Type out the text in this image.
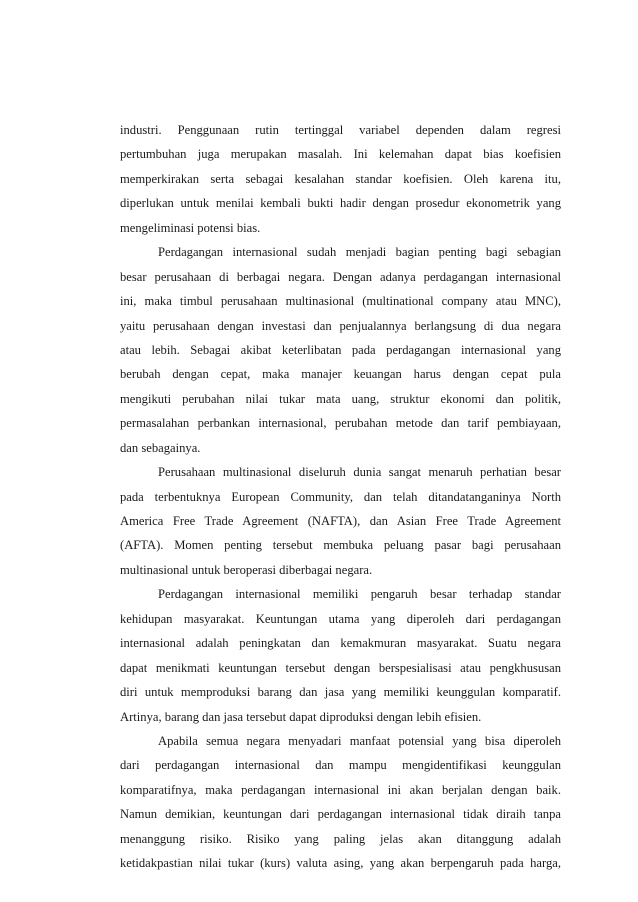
industri. Penggunaan rutin tertinggal variabel dependen dalam regresi
pertumbuhan juga merupakan masalah. Ini kelemahan dapat bias koefisien
memperkirakan serta sebagai kesalahan standar koefisien. Oleh karena itu,
diperlukan untuk menilai kembali bukti hadir dengan prosedur ekonometrik yang
mengeliminasi potensi bias.
Perdagangan internasional sudah menjadi bagian penting bagi sebagian
besar perusahaan di berbagai negara. Dengan adanya perdagangan internasional
ini, maka timbul perusahaan multinasional (multinational company atau MNC),
yaitu perusahaan dengan investasi dan penjualannya berlangsung di dua negara
atau lebih. Sebagai akibat keterlibatan pada perdagangan internasional yang
berubah dengan cepat, maka manajer keuangan harus dengan cepat pula
mengikuti perubahan nilai tukar mata uang, struktur ekonomi dan politik,
permasalahan perbankan internasional, perubahan metode dan tarif pembiayaan,
dan sebagainya.
Perusahaan multinasional diseluruh dunia sangat menaruh perhatian besar
pada terbentuknya European Community, dan telah ditandatanganinya North
America Free Trade Agreement (NAFTA), dan Asian Free Trade Agreement
(AFTA). Momen penting tersebut membuka peluang pasar bagi perusahaan
multinasional untuk beroperasi diberbagai negara.
Perdagangan internasional memiliki pengaruh besar terhadap standar
kehidupan masyarakat. Keuntungan utama yang diperoleh dari perdagangan
internasional adalah peningkatan dan kemakmuran masyarakat. Suatu negara
dapat menikmati keuntungan tersebut dengan berspesialisasi atau pengkhususan
diri untuk memproduksi barang dan jasa yang memiliki keunggulan komparatif.
Artinya, barang dan jasa tersebut dapat diproduksi dengan lebih efisien.
Apabila semua negara menyadari manfaat potensial yang bisa diperoleh
dari perdagangan internasional dan mampu mengidentifikasi keunggulan
komparatifnya, maka perdagangan internasional ini akan berjalan dengan baik.
Namun demikian, keuntungan dari perdagangan internasional tidak diraih tanpa
menanggung risiko. Risiko yang paling jelas akan ditanggung adalah
ketidakpastian nilai tukar (kurs) valuta asing, yang akan berpengaruh pada harga,
